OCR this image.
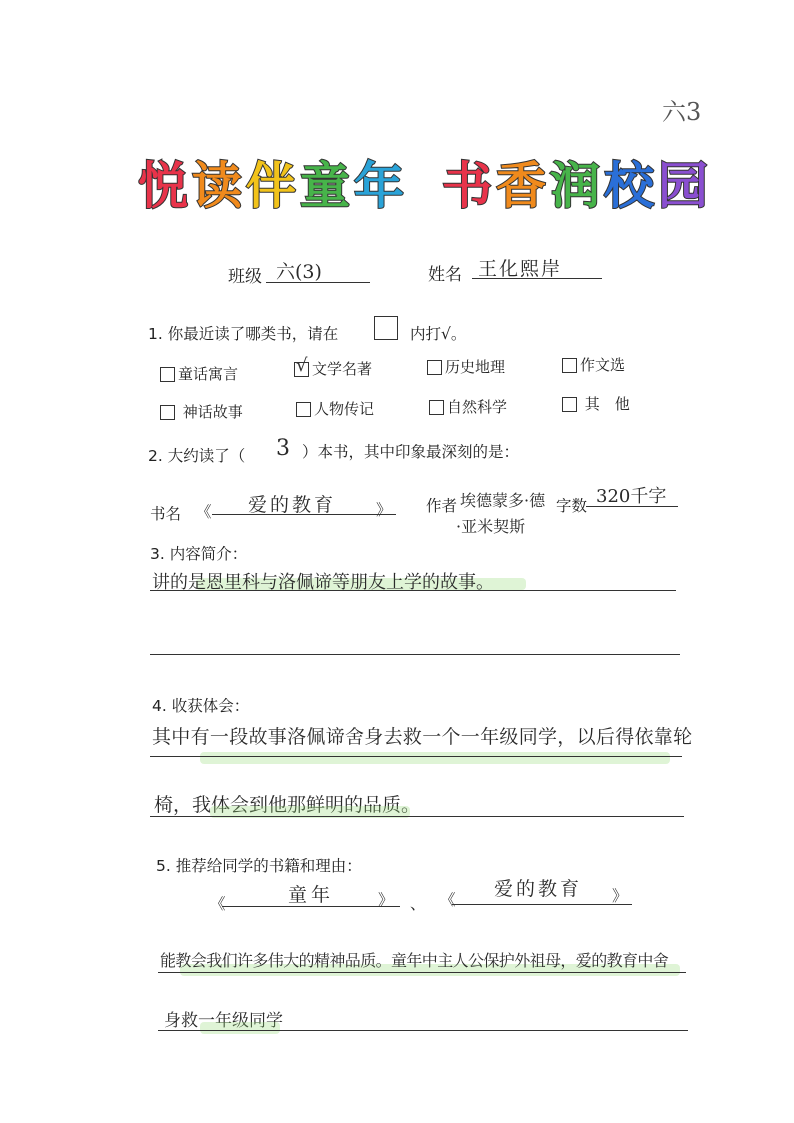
六3
悦读伴童年 书香润校园
班级 六(3)	姓名 王化熙岸
1. 你最近读了哪类书，请在	内打√。
童话寓言	√ 文学名著	历史地理	作文选
神话故事	人物传记	自然科学	其　他
2. 大约读了（ 3 ）本书，其中印象最深刻的是：
书名 《 爱的教育	》 作者 埃德蒙多·德
·亚米契斯
字数 320千字
3. 内容简介：
讲的是恩里科与洛佩谛等朋友上学的故事。
4. 收获体会：
其中有一段故事洛佩谛舍身去救一个一年级同学，以后得依靠轮
椅，我体会到他那鲜明的品质。
5. 推荐给同学的书籍和理由：
《	童年	》 、 《 爱的教育 》
能教会我们许多伟大的精神品质。童年中主人公保护外祖母，爱的教育中舍
身救一年级同学
